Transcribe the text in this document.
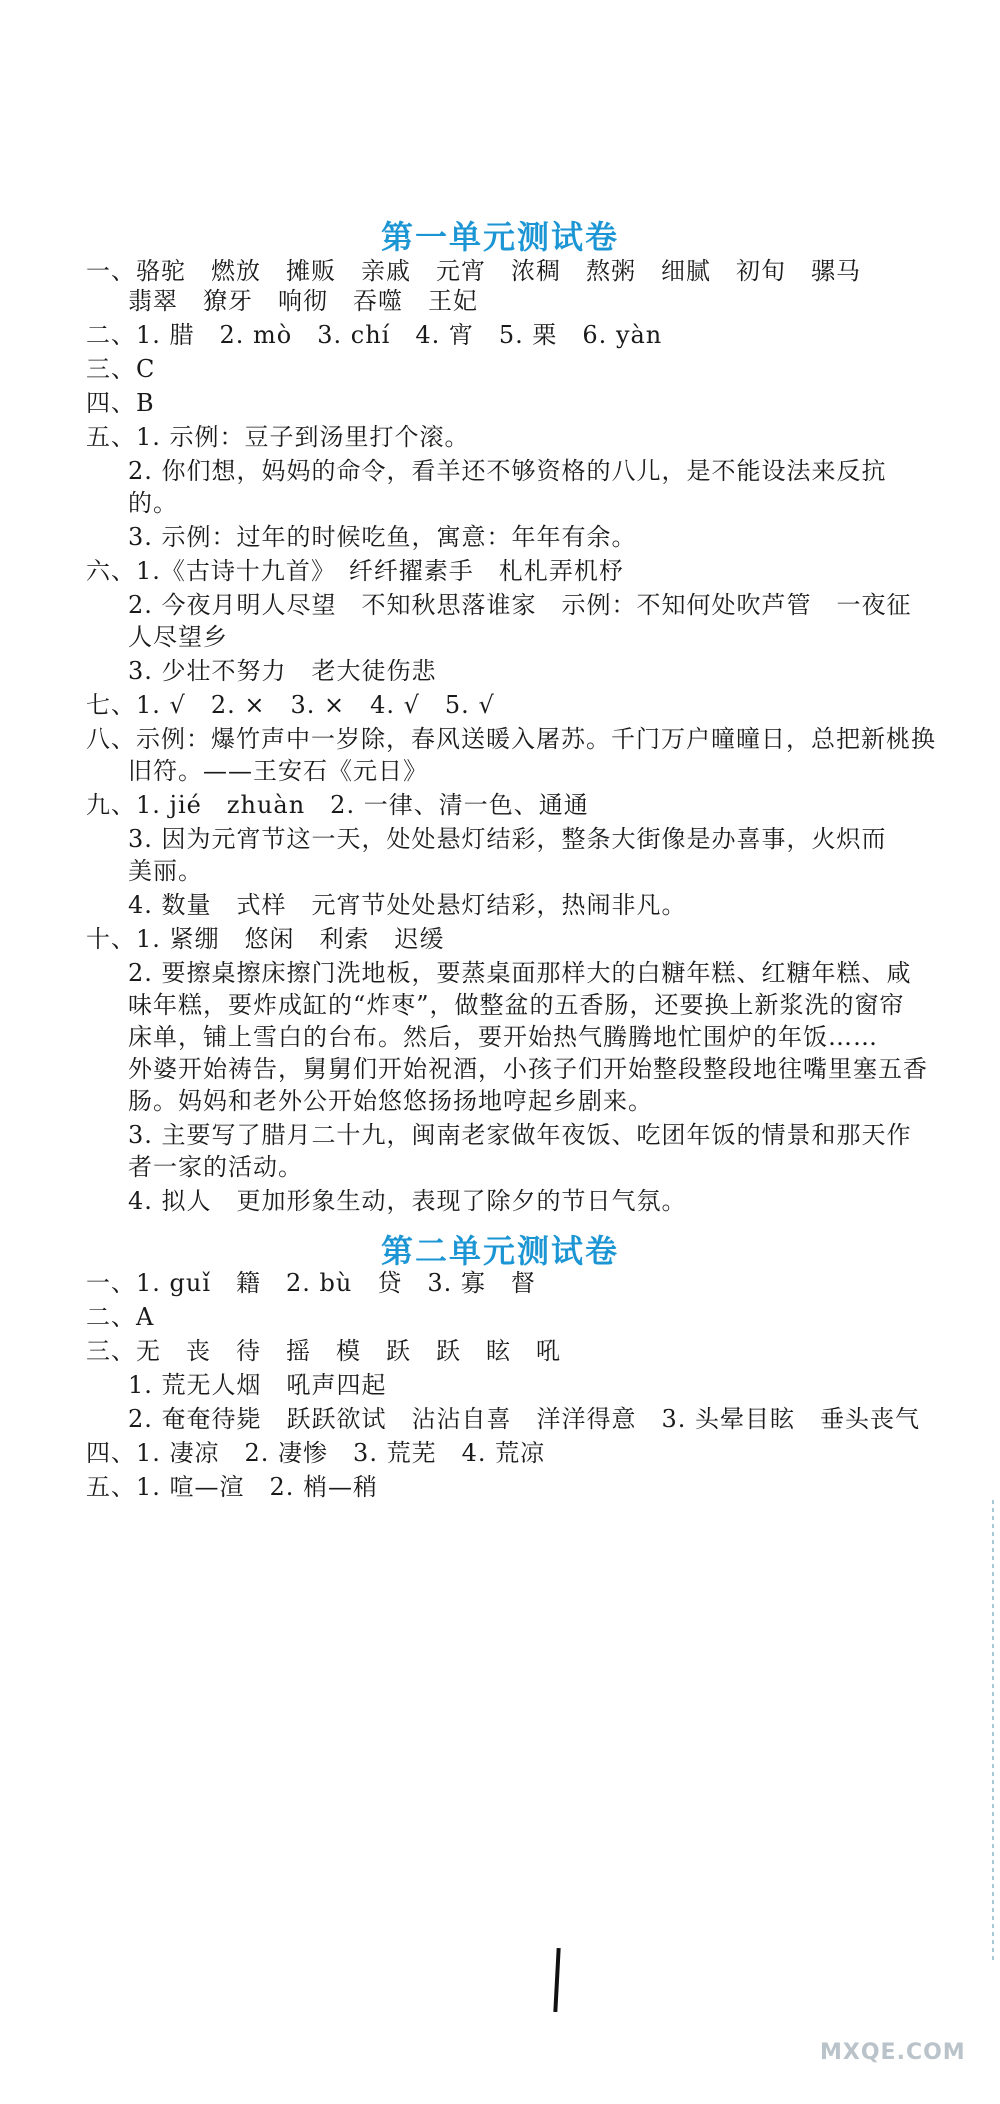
第一单元测试卷
一、骆驼　燃放　摊贩　亲戚　元宵　浓稠　熬粥　细腻　初旬　骡马
翡翠　獠牙　响彻　吞噬　王妃
二、1. 腊　2. mò　3. chí　4. 宵　5. 栗　6. yàn
三、C
四、B
五、1. 示例：豆子到汤里打个滚。
2. 你们想，妈妈的命令，看羊还不够资格的八儿，是不能设法来反抗
的。
3. 示例：过年的时候吃鱼，寓意：年年有余。
六、1.《古诗十九首》　纤纤擢素手　札札弄机杼
2. 今夜月明人尽望　不知秋思落谁家　示例：不知何处吹芦管　一夜征
人尽望乡
3. 少壮不努力　老大徒伤悲
七、1. √　2. ×　3. ×　4. √　5. √
八、示例：爆竹声中一岁除，春风送暖入屠苏。千门万户曈曈日，总把新桃换
旧符。——王安石《元日》
九、1. jié　zhuàn　2. 一律、清一色、通通
3. 因为元宵节这一天，处处悬灯结彩，整条大街像是办喜事，火炽而
美丽。
4. 数量　式样　元宵节处处悬灯结彩，热闹非凡。
十、1. 紧绷　悠闲　利索　迟缓
2. 要擦桌擦床擦门洗地板，要蒸桌面那样大的白糖年糕、红糖年糕、咸
味年糕，要炸成缸的“炸枣”，做整盆的五香肠，还要换上新浆洗的窗帘
床单，铺上雪白的台布。然后，要开始热气腾腾地忙围炉的年饭……
外婆开始祷告，舅舅们开始祝酒，小孩子们开始整段整段地往嘴里塞五香
肠。妈妈和老外公开始悠悠扬扬地哼起乡剧来。
3. 主要写了腊月二十九，闽南老家做年夜饭、吃团年饭的情景和那天作
者一家的活动。
4. 拟人　更加形象生动，表现了除夕的节日气氛。
第二单元测试卷
一、1. guǐ　籍　2. bù　贷　3. 寡　督
二、A
三、无　丧　待　摇　模　跃　跃　眩　吼
1. 荒无人烟　吼声四起
2. 奄奄待毙　跃跃欲试　沾沾自喜　洋洋得意　3. 头晕目眩　垂头丧气
四、1. 凄凉　2. 凄惨　3. 荒芜　4. 荒凉
五、1. 喧—渲　2. 梢—稍
MXQE.COM
